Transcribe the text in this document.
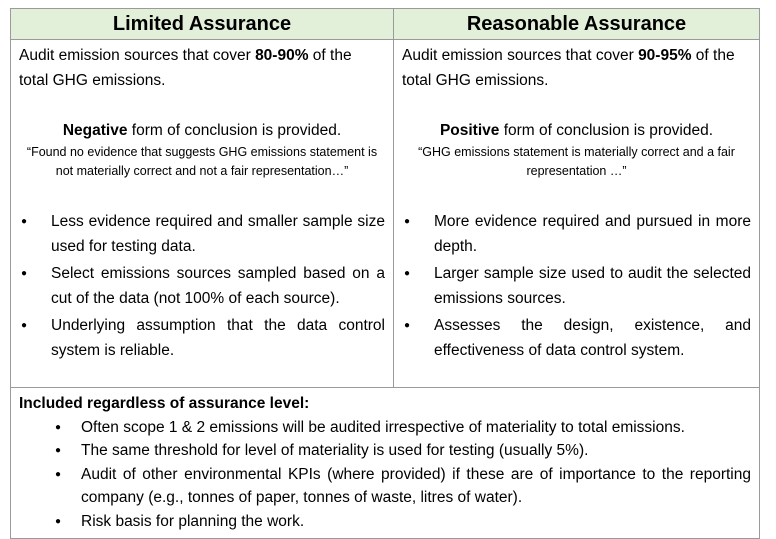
Limited Assurance	Reasonable Assurance

Audit emission sources that cover 80-90% of the total GHG emissions.

Negative form of conclusion is provided.
“Found no evidence that suggests GHG emissions statement is not materially correct and not a fair representation…”
● Less evidence required and smaller sample size used for testing data.
● Select emissions sources sampled based on a cut of the data (not 100% of each source).
● Underlying assumption that the data control system is reliable.

Audit emission sources that cover 90-95% of the total GHG emissions.

Positive form of conclusion is provided.
“GHG emissions statement is materially correct and a fair representation …”
● More evidence required and pursued in more depth.
● Larger sample size used to audit the selected emissions sources.
● Assesses the design, existence, and effectiveness of data control system.
Included regardless of assurance level:
● Often scope 1 & 2 emissions will be audited irrespective of materiality to total emissions.
● The same threshold for level of materiality is used for testing (usually 5%).
● Audit of other environmental KPIs (where provided) if these are of importance to the reporting company (e.g., tonnes of paper, tonnes of waste, litres of water).
● Risk basis for planning the work.
